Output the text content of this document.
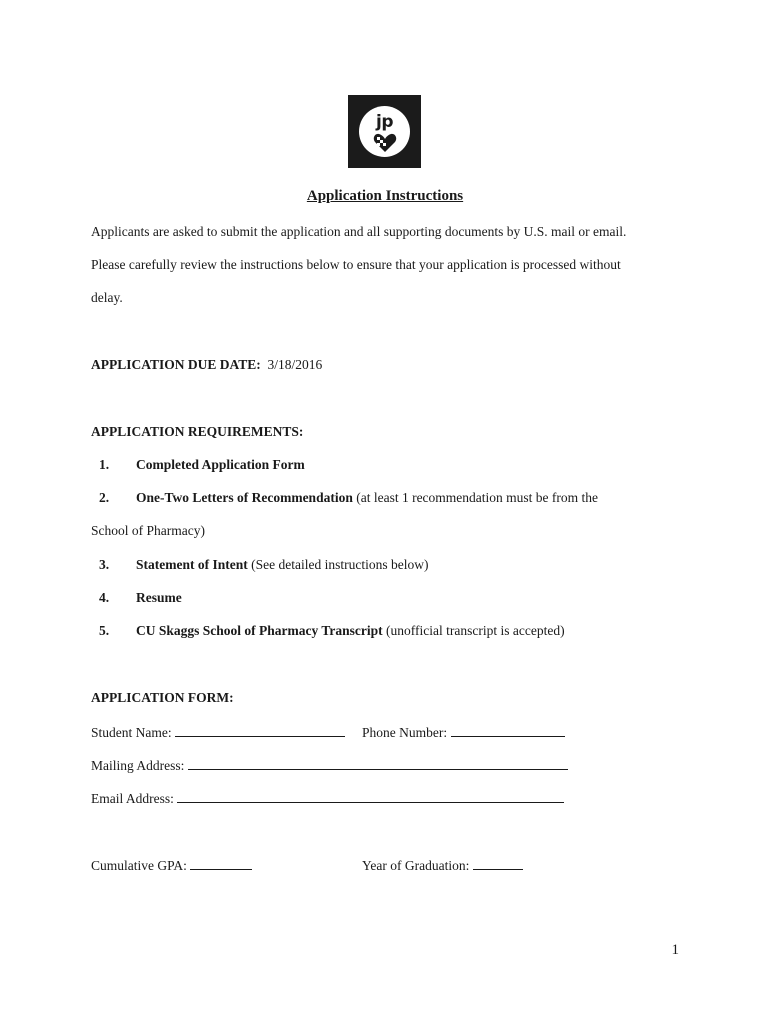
jp
Application Instructions
Applicants are asked to submit the application and all supporting documents by U.S. mail or email.
Please carefully review the instructions below to ensure that your application is processed without
delay.
APPLICATION DUE DATE: 3/18/2016
APPLICATION REQUIREMENTS:
1. Completed Application Form
2. One-Two Letters of Recommendation (at least 1 recommendation must be from the
School of Pharmacy)
3. Statement of Intent (See detailed instructions below)
4. Resume
5. CU Skaggs School of Pharmacy Transcript (unofficial transcript is accepted)
APPLICATION FORM:
Student Name:	Phone Number:
Mailing Address:
Email Address:
Cumulative GPA:	Year of Graduation:
1
